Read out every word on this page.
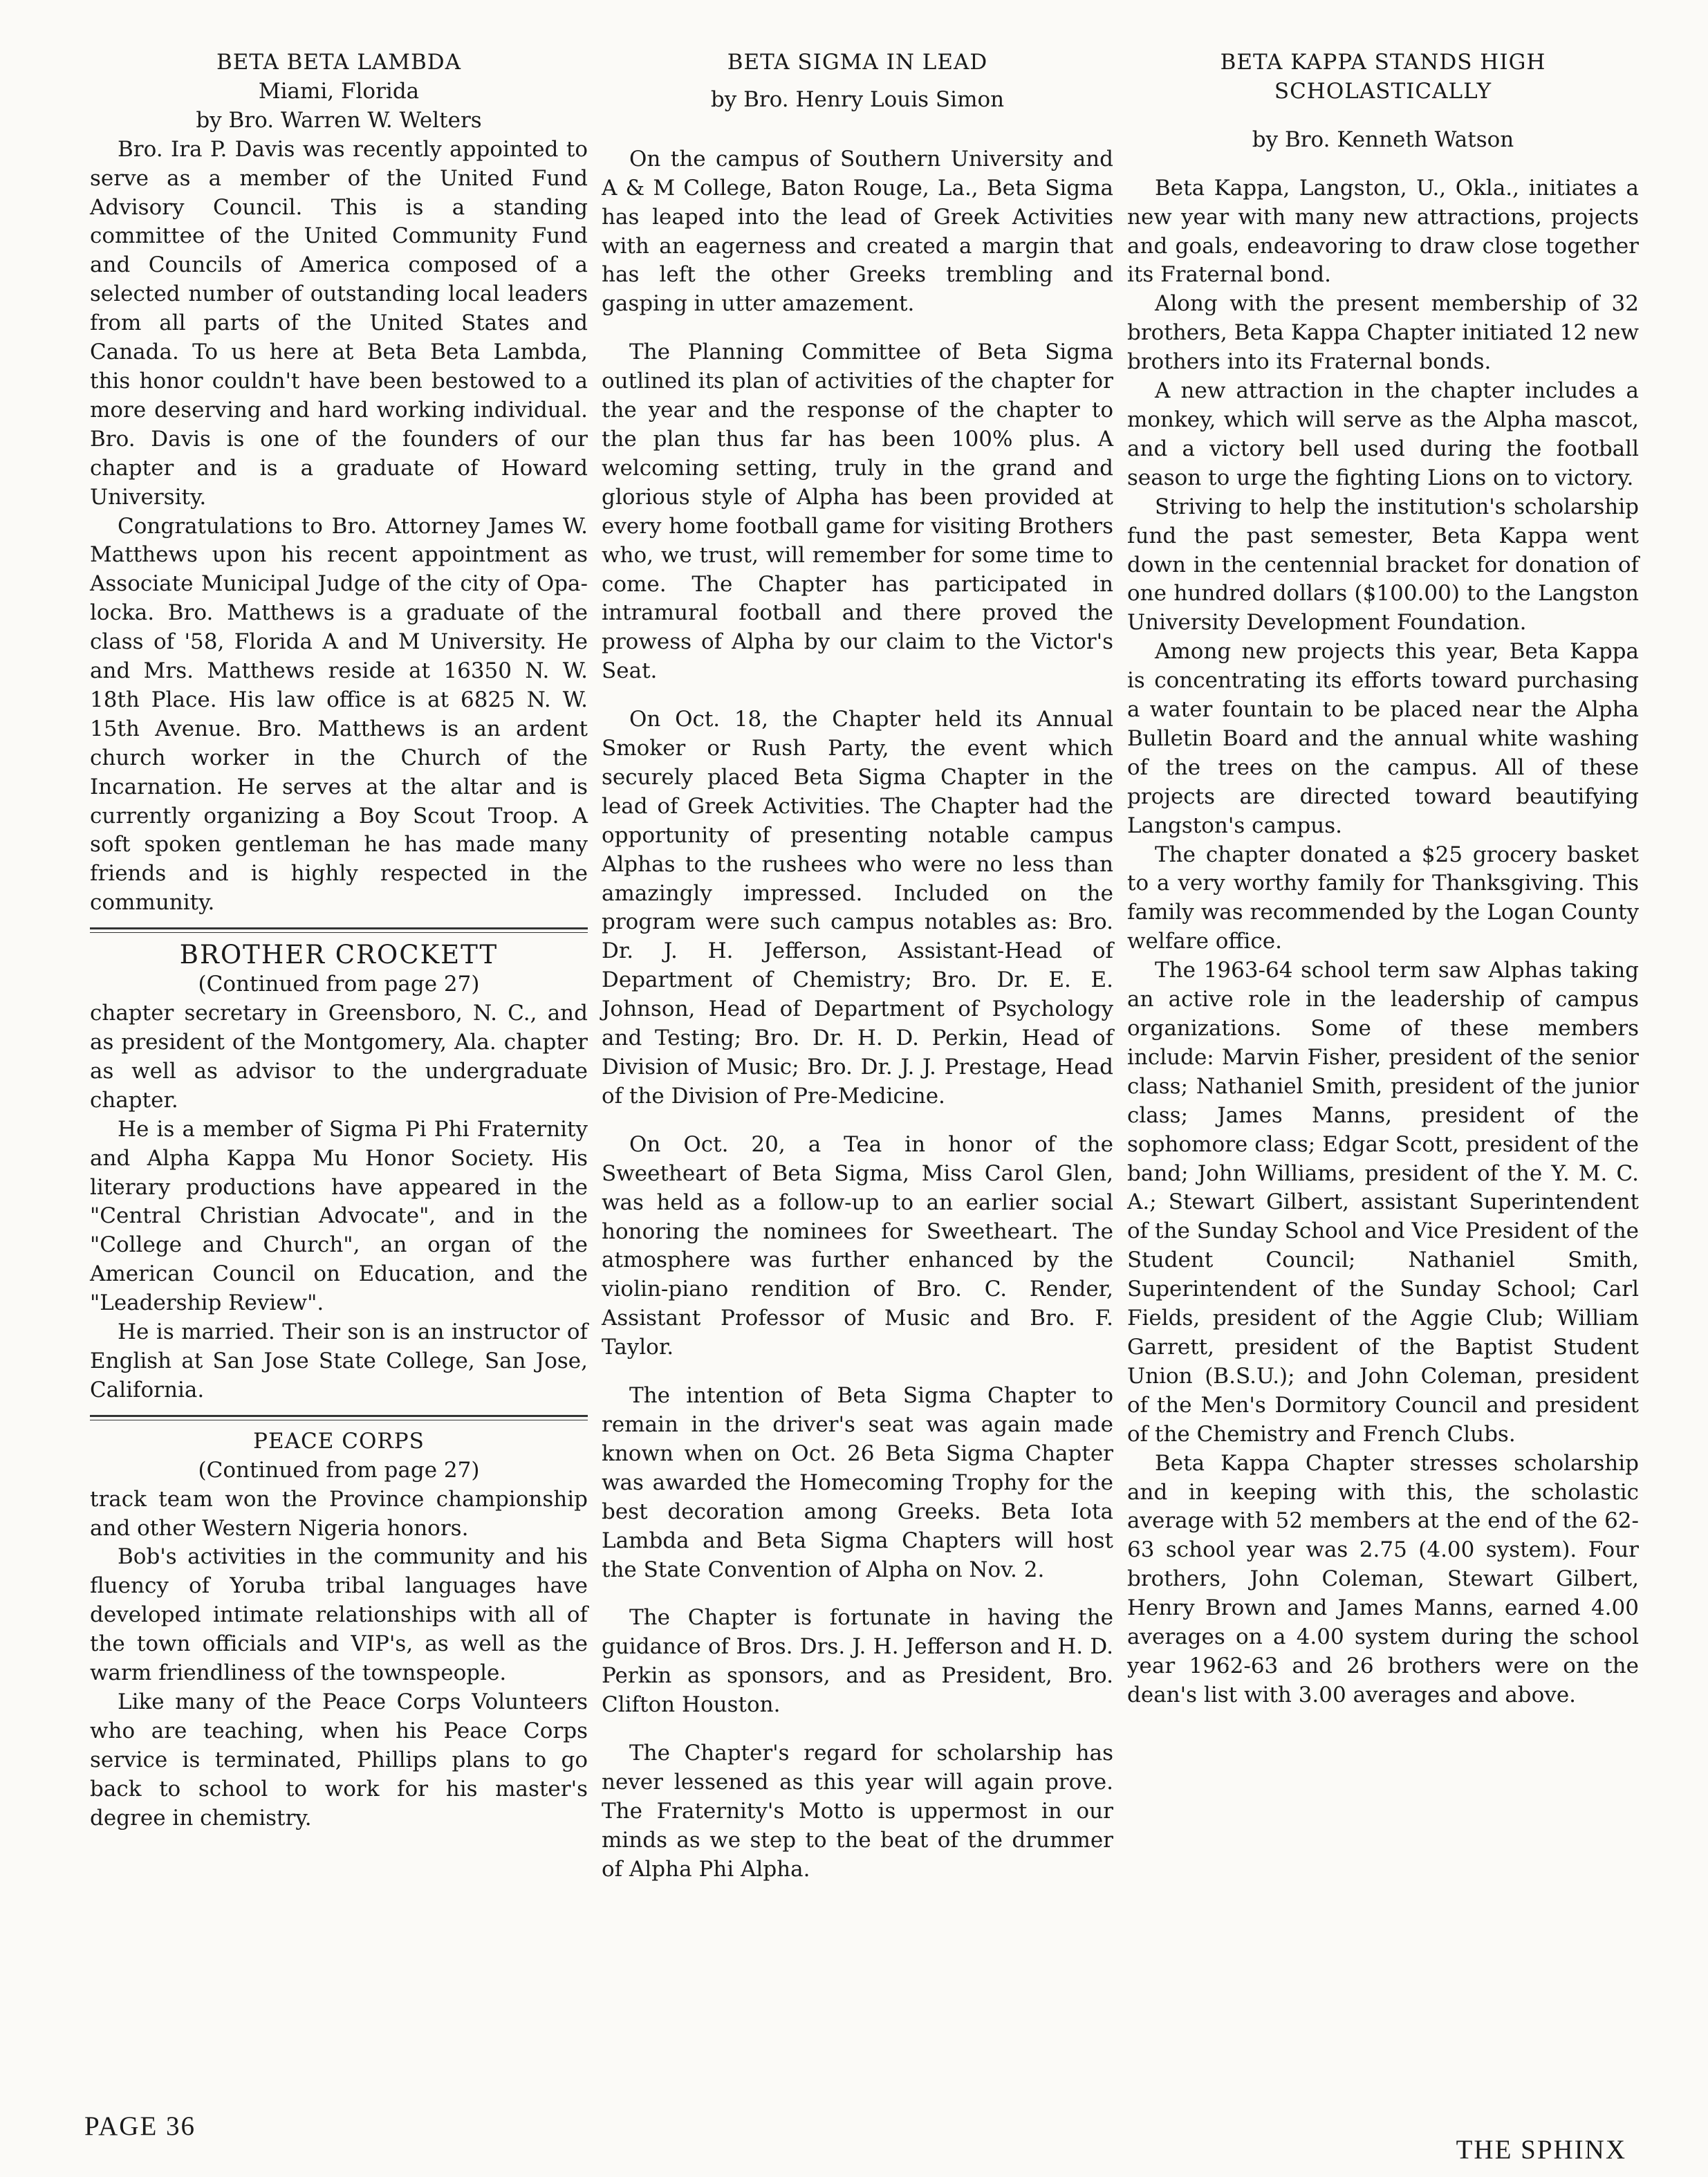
BETA BETA LAMBDA
Miami, Florida
by Bro. Warren W. Welters

Bro. Ira P. Davis was recently appointed to serve as a member of the United Fund Advisory Council. This is a standing committee of the United Community Fund and Councils of America composed of a selected number of outstanding local leaders from all parts of the United States and Canada. To us here at Beta Beta Lambda, this honor couldn't have been bestowed to a more deserving and hard working individual. Bro. Davis is one of the founders of our chapter and is a graduate of Howard University.

Congratulations to Bro. Attorney James W. Matthews upon his recent appointment as Associate Municipal Judge of the city of Opa-locka. Bro. Matthews is a graduate of the class of '58, Florida A and M University. He and Mrs. Matthews reside at 16350 N. W. 18th Place. His law office is at 6825 N. W. 15th Avenue. Bro. Matthews is an ardent church worker in the Church of the Incarnation. He serves at the altar and is currently organizing a Boy Scout Troop. A soft spoken gentleman he has made many friends and is highly respected in the community.

BROTHER CROCKETT
(Continued from page 27)

chapter secretary in Greensboro, N. C., and as president of the Montgomery, Ala. chapter as well as advisor to the undergraduate chapter.

He is a member of Sigma Pi Phi Fraternity and Alpha Kappa Mu Honor Society. His literary productions have appeared in the "Central Christian Advocate", and in the "College and Church", an organ of the American Council on Education, and the "Leadership Review".

He is married. Their son is an instructor of English at San Jose State College, San Jose, California.

PEACE CORPS
(Continued from page 27)

track team won the Province championship and other Western Nigeria honors.

Bob's activities in the community and his fluency of Yoruba tribal languages have developed intimate relationships with all of the town officials and VIP's, as well as the warm friendliness of the townspeople.

Like many of the Peace Corps Volunteers who are teaching, when his Peace Corps service is terminated, Phillips plans to go back to school to work for his master's degree in chemistry.

BETA SIGMA IN LEAD
by Bro. Henry Louis Simon

On the campus of Southern University and A & M College, Baton Rouge, La., Beta Sigma has leaped into the lead of Greek Activities with an eagerness and created a margin that has left the other Greeks trembling and gasping in utter amazement.

The Planning Committee of Beta Sigma outlined its plan of activities of the chapter for the year and the response of the chapter to the plan thus far has been 100% plus. A welcoming setting, truly in the grand and glorious style of Alpha has been provided at every home football game for visiting Brothers who, we trust, will remember for some time to come. The Chapter has participated in intramural football and there proved the prowess of Alpha by our claim to the Victor's Seat.

On Oct. 18, the Chapter held its Annual Smoker or Rush Party, the event which securely placed Beta Sigma Chapter in the lead of Greek Activities. The Chapter had the opportunity of presenting notable campus Alphas to the rushees who were no less than amazingly impressed. Included on the program were such campus notables as: Bro. Dr. J. H. Jefferson, Assistant-Head of Department of Chemistry; Bro. Dr. E. E. Johnson, Head of Department of Psychology and Testing; Bro. Dr. H. D. Perkin, Head of Division of Music; Bro. Dr. J. J. Prestage, Head of the Division of Pre-Medicine.

On Oct. 20, a Tea in honor of the Sweetheart of Beta Sigma, Miss Carol Glen, was held as a follow-up to an earlier social honoring the nominees for Sweetheart. The atmosphere was further enhanced by the violin-piano rendition of Bro. C. Render, Assistant Professor of Music and Bro. F. Taylor.

The intention of Beta Sigma Chapter to remain in the driver's seat was again made known when on Oct. 26 Beta Sigma Chapter was awarded the Homecoming Trophy for the best decoration among Greeks. Beta Iota Lambda and Beta Sigma Chapters will host the State Convention of Alpha on Nov. 2.

The Chapter is fortunate in having the guidance of Bros. Drs. J. H. Jefferson and H. D. Perkin as sponsors, and as President, Bro. Clifton Houston.

The Chapter's regard for scholarship has never lessened as this year will again prove. The Fraternity's Motto is uppermost in our minds as we step to the beat of the drummer of Alpha Phi Alpha.

BETA KAPPA STANDS HIGH
SCHOLASTICALLY
by Bro. Kenneth Watson

Beta Kappa, Langston, U., Okla., initiates a new year with many new attractions, projects and goals, endeavoring to draw close together its Fraternal bond.

Along with the present membership of 32 brothers, Beta Kappa Chapter initiated 12 new brothers into its Fraternal bonds.

A new attraction in the chapter includes a monkey, which will serve as the Alpha mascot, and a victory bell used during the football season to urge the fighting Lions on to victory.

Striving to help the institution's scholarship fund the past semester, Beta Kappa went down in the centennial bracket for donation of one hundred dollars ($100.00) to the Langston University Development Foundation.

Among new projects this year, Beta Kappa is concentrating its efforts toward purchasing a water fountain to be placed near the Alpha Bulletin Board and the annual white washing of the trees on the campus. All of these projects are directed toward beautifying Langston's campus.

The chapter donated a $25 grocery basket to a very worthy family for Thanksgiving. This family was recommended by the Logan County welfare office.

The 1963-64 school term saw Alphas taking an active role in the leadership of campus organizations. Some of these members include: Marvin Fisher, president of the senior class; Nathaniel Smith, president of the junior class; James Manns, president of the sophomore class; Edgar Scott, president of the band; John Williams, president of the Y. M. C. A.; Stewart Gilbert, assistant Superintendent of the Sunday School and Vice President of the Student Council; Nathaniel Smith, Superintendent of the Sunday School; Carl Fields, president of the Aggie Club; William Garrett, president of the Baptist Student Union (B.S.U.); and John Coleman, president of the Men's Dormitory Council and president of the Chemistry and French Clubs.

Beta Kappa Chapter stresses scholarship and in keeping with this, the scholastic average with 52 members at the end of the 62-63 school year was 2.75 (4.00 system). Four brothers, John Coleman, Stewart Gilbert, Henry Brown and James Manns, earned 4.00 averages on a 4.00 system during the school year 1962-63 and 26 brothers were on the dean's list with 3.00 averages and above.

PAGE 36
THE SPHINX
